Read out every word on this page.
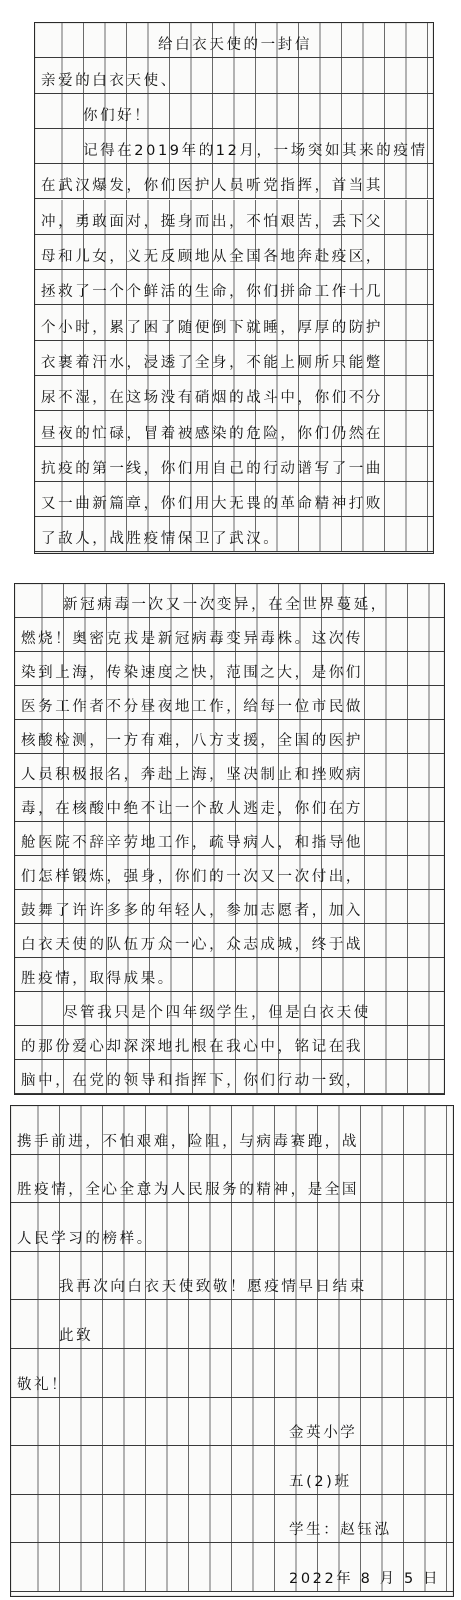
给白衣天使的一封信
亲爱的白衣天使、
你们好！
记得在2019年的12月，一场突如其来的疫情
在武汉爆发，你们医护人员听党指挥，首当其
冲，勇敢面对，挺身而出，不怕艰苦，丢下父
母和儿女，义无反顾地从全国各地奔赴疫区，
拯救了一个个鲜活的生命，你们拼命工作十几
个小时，累了困了随便倒下就睡，厚厚的防护
衣裹着汗水，浸透了全身，不能上厕所只能蹩
尿不湿，在这场没有硝烟的战斗中，你们不分
昼夜的忙碌，冒着被感染的危险，你们仍然在
抗疫的第一线，你们用自己的行动谱写了一曲
又一曲新篇章，你们用大无畏的革命精神打败
了敌人，战胜疫情保卫了武汉。
新冠病毒一次又一次变异，在全世界蔓延，
燃烧！奥密克戎是新冠病毒变异毒株。这次传
染到上海，传染速度之快，范围之大，是你们
医务工作者不分昼夜地工作，给每一位市民做
核酸检测，一方有难，八方支援，全国的医护
人员积极报名，奔赴上海，坚决制止和挫败病
毒，在核酸中绝不让一个敌人逃走，你们在方
舱医院不辞辛劳地工作，疏导病人，和指导他
们怎样锻炼，强身，你们的一次又一次付出，
鼓舞了许许多多的年轻人，参加志愿者，加入
白衣天使的队伍万众一心，众志成城，终于战
胜疫情，取得成果。
尽管我只是个四年级学生，但是白衣天使
的那份爱心却深深地扎根在我心中，铭记在我
脑中，在党的领导和指挥下，你们行动一致，
携手前进，不怕艰难，险阻，与病毒赛跑，战
胜疫情，全心全意为人民服务的精神，是全国
人民学习的榜样。
我再次向白衣天使致敬！愿疫情早日结束
此致
敬礼！
金英小学
五(2)班
学生：赵钰泓
2022年 8 月 5 日
